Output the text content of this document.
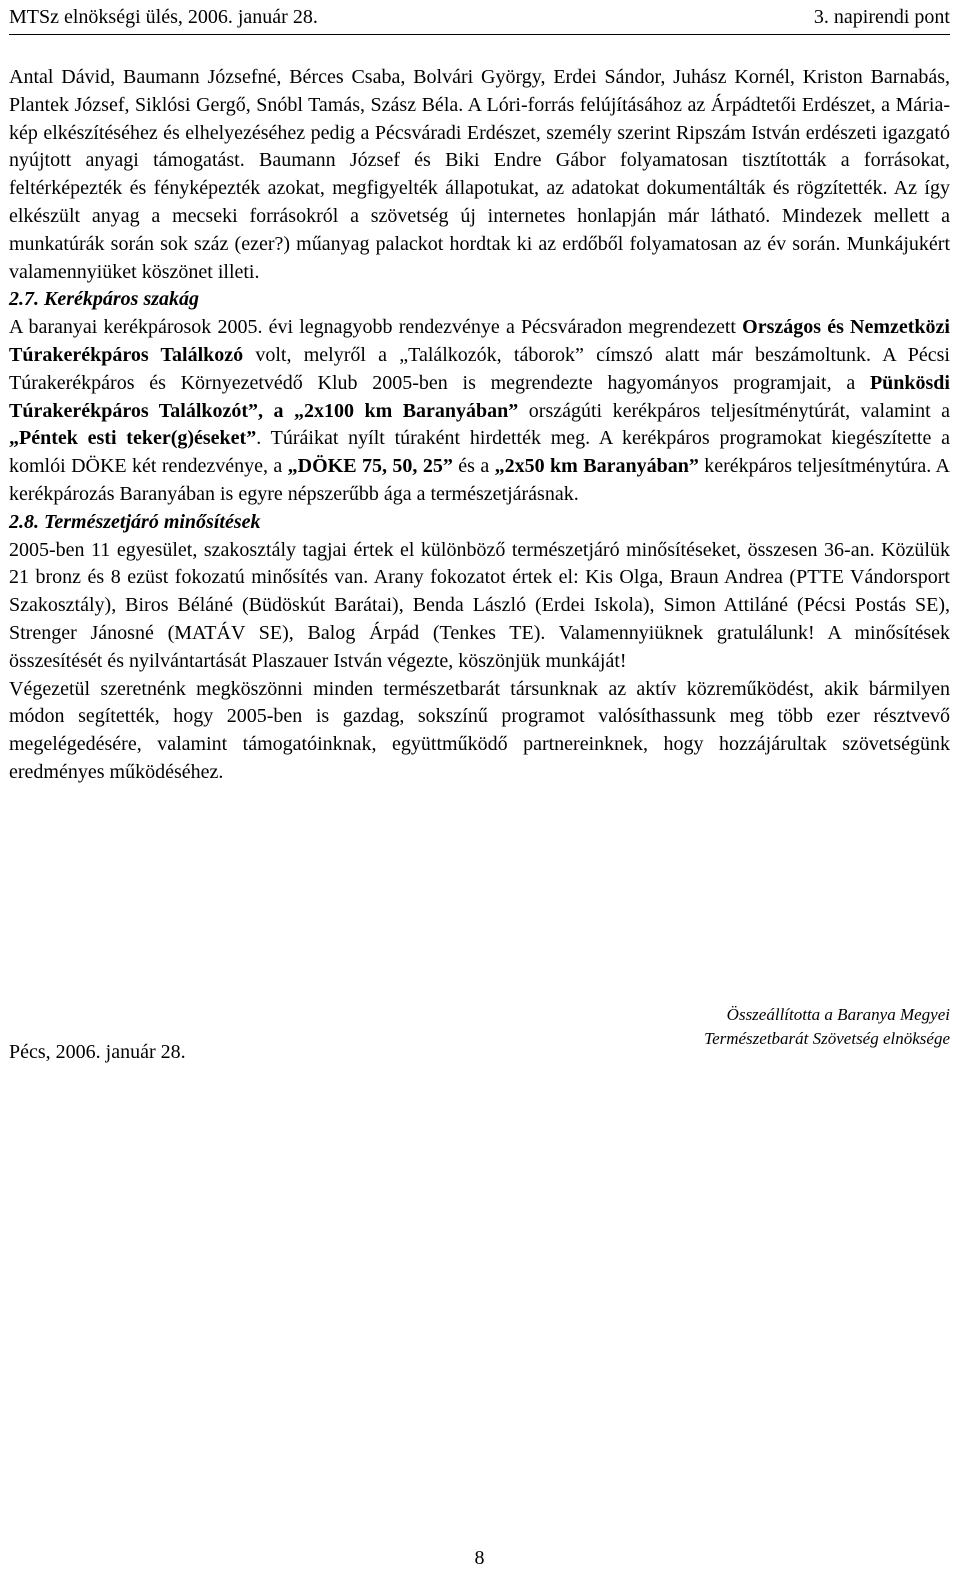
MTSz elnökségi ülés, 2006. január 28.	3. napirendi pont

Antal Dávid, Baumann Józsefné, Bérces Csaba, Bolvári György, Erdei Sándor, Juhász Kornél, Kriston Barnabás, Plantek József, Siklósi Gergő, Snóbl Tamás, Szász Béla. A Lóri-forrás felújításához az Árpádtetői Erdészet, a Mária-kép elkészítéséhez és elhelyezéséhez pedig a Pécsváradi Erdészet, személy szerint Ripszám István erdészeti igazgató nyújtott anyagi támogatást. Baumann József és Biki Endre Gábor folyamatosan tisztították a forrásokat, feltérképezték és fényképezték azokat, megfigyelték állapotukat, az adatokat dokumentálták és rögzítették. Az így elkészült anyag a mecseki forrásokról a szövetség új internetes honlapján már látható. Mindezek mellett a munkatúrák során sok száz (ezer?) műanyag palackot hordtak ki az erdőből folyamatosan az év során. Munkájukért valamennyiüket köszönet illeti.

2.7. Kerékpáros szakág

A baranyai kerékpárosok 2005. évi legnagyobb rendezvénye a Pécsváradon megrendezett Országos és Nemzetközi Túrakerékpáros Találkozó volt, melyről a „Találkozók, táborok” címszó alatt már beszámoltunk. A Pécsi Túrakerékpáros és Környezetvédő Klub 2005-ben is megrendezte hagyományos programjait, a Pünkösdi Túrakerékpáros Találkozót”, a „2x100 km Baranyában” országúti kerékpáros teljesítménytúrát, valamint a „Péntek esti teker(g)éseket”. Túráikat nyílt túraként hirdették meg. A kerékpáros programokat kiegészítette a komlói DÖKE két rendezvénye, a „DÖKE 75, 50, 25” és a „2x50 km Baranyában” kerékpáros teljesítménytúra. A kerékpározás Baranyában is egyre népszerűbb ága a természetjárásnak.

2.8. Természetjáró minősítések

2005-ben 11 egyesület, szakosztály tagjai értek el különböző természetjáró minősítéseket, összesen 36-an. Közülük 21 bronz és 8 ezüst fokozatú minősítés van. Arany fokozatot értek el: Kis Olga, Braun Andrea (PTTE Vándorsport Szakosztály), Biros Béláné (Büdöskút Barátai), Benda László (Erdei Iskola), Simon Attiláné (Pécsi Postás SE), Strenger Jánosné (MATÁV SE), Balog Árpád (Tenkes TE). Valamennyiüknek gratulálunk! A minősítések összesítését és nyilvántartását Plaszauer István végezte, köszönjük munkáját!

Végezetül szeretnénk megköszönni minden természetbarát társunknak az aktív közreműködést, akik bármilyen módon segítették, hogy 2005-ben is gazdag, sokszínű programot valósíthassunk meg több ezer résztvevő megelégedésére, valamint támogatóinknak, együttműködő partnereinknek, hogy hozzájárultak szövetségünk eredményes működéséhez.

Pécs, 2006. január 28.
Összeállította a Baranya Megyei
Természetbarát Szövetség elnöksége
8
